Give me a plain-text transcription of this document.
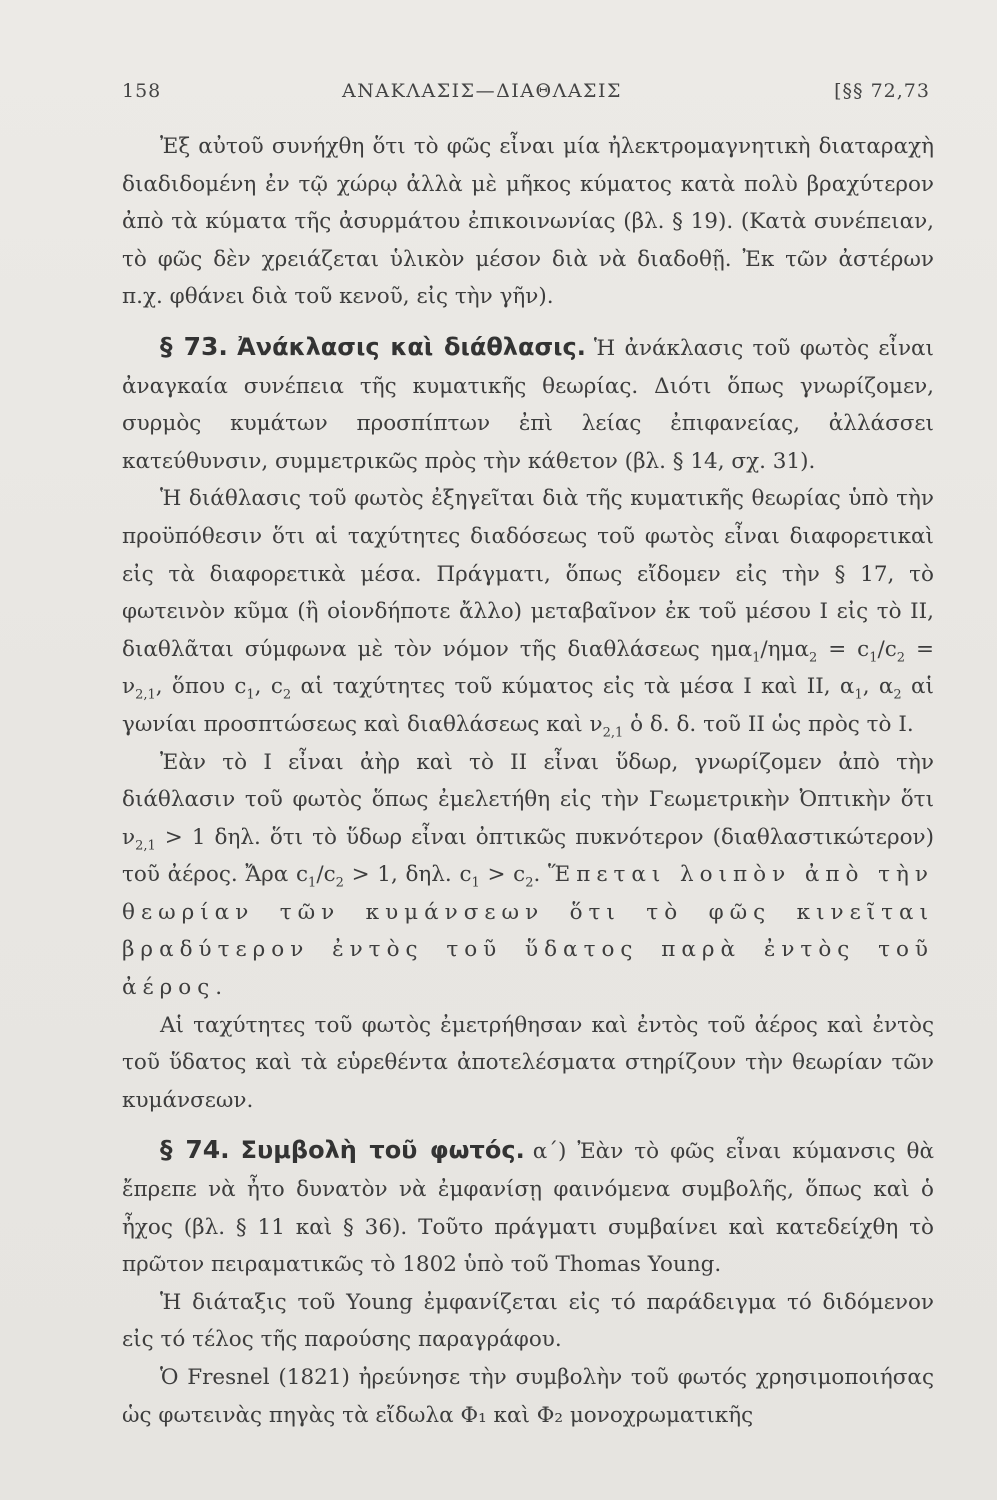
158	ΑΝΑΚΛΑΣΙΣ—ΔΙΑΘΛΑΣΙΣ	[§§ 72,73

Ἐξ αὐτοῦ συνήχθη ὅτι τὸ φῶς εἶναι μία ἠλεκτρομαγνητικὴ διαταραχὴ διαδιδομένη ἐν τῷ χώρῳ ἀλλὰ μὲ μῆκος κύματος κατὰ πολὺ βραχύτερον ἀπὸ τὰ κύματα τῆς ἀσυρμάτου ἐπικοινωνίας (βλ. § 19). (Κατὰ συνέπειαν, τὸ φῶς δὲν χρειάζεται ὑλικὸν μέσον διὰ νὰ διαδοθῇ. Ἐκ τῶν ἀστέρων π.χ. φθάνει διὰ τοῦ κενοῦ, εἰς τὴν γῆν).

§ 73. Ἀνάκλασις καὶ διάθλασις. Ἡ ἀνάκλασις τοῦ φωτὸς εἶναι ἀναγκαία συνέπεια τῆς κυματικῆς θεωρίας. Διότι ὅπως γνωρίζομεν, συρμὸς κυμάτων προσπίπτων ἐπὶ λείας ἐπιφανείας, ἀλλάσσει κατεύθυνσιν, συμμετρικῶς πρὸς τὴν κάθετον (βλ. § 14, σχ. 31).

Ἡ διάθλασις τοῦ φωτὸς ἐξηγεῖται διὰ τῆς κυματικῆς θεωρίας ὑπὸ τὴν προϋπόθεσιν ὅτι αἱ ταχύτητες διαδόσεως τοῦ φωτὸς εἶναι διαφορετικαὶ εἰς τὰ διαφορετικὰ μέσα. Πράγματι, ὅπως εἴδομεν εἰς τὴν § 17, τὸ φωτεινὸν κῦμα (ἢ οἱονδήποτε ἄλλο) μεταβαῖνον ἐκ τοῦ μέσου Ι εἰς τὸ ΙΙ, διαθλᾶται σύμφωνα μὲ τὸν νόμον τῆς διαθλάσεως $\eta\mu\alpha_1/\eta\mu\alpha_2 = c_1/c_2 = \nu_{2,1}$, ὅπου $c_1$, $c_2$ αἱ ταχύτητες τοῦ κύματος εἰς τὰ μέσα Ι καὶ ΙΙ, $\alpha_1$, $\alpha_2$ αἱ γωνίαι προσπτώσεως καὶ διαθλάσεως καὶ $\nu_{2,1}$ ὁ δ. δ. τοῦ ΙΙ ὡς πρὸς τὸ Ι.

Ἐὰν τὸ Ι εἶναι ἀὴρ καὶ τὸ ΙΙ εἶναι ὕδωρ, γνωρίζομεν ἀπὸ τὴν διάθλασιν τοῦ φωτὸς ὅπως ἐμελετήθη εἰς τὴν Γεωμετρικὴν Ὀπτικὴν ὅτι $\nu_{2,1} > 1$ δηλ. ὅτι τὸ ὕδωρ εἶναι ὀπτικῶς πυκνότερον (διαθλαστικώτερον) τοῦ ἀέρος. Ἄρα $c_1/c_2 > 1$, δηλ. $c_1 > c_2$. Ἕπεται λοιπὸν ἀπὸ τὴν θεωρίαν τῶν κυμάνσεων ὅτι τὸ φῶς κινεῖται βραδύτερον ἐντὸς τοῦ ὕδατος παρὰ ἐντὸς τοῦ ἀέρος.

Αἱ ταχύτητες τοῦ φωτὸς ἐμετρήθησαν καὶ ἐντὸς τοῦ ἀέρος καὶ ἐντὸς τοῦ ὕδατος καὶ τὰ εὑρεθέντα ἀποτελέσματα στηρίζουν τὴν θεωρίαν τῶν κυμάνσεων.

§ 74. Συμβολὴ τοῦ φωτός. α΄) Ἐὰν τὸ φῶς εἶναι κύμανσις θὰ ἔπρεπε νὰ ἦτο δυνατὸν νὰ ἐμφανίσῃ φαινόμενα συμβολῆς, ὅπως καὶ ὁ ἦχος (βλ. § 11 καὶ § 36). Τοῦτο πράγματι συμβαίνει καὶ κατεδείχθη τὸ πρῶτον πειραματικῶς τὸ 1802 ὑπὸ τοῦ Thomas Young.

Ἡ διάταξις τοῦ Young ἐμφανίζεται εἰς τό παράδειγμα τό διδόμενον εἰς τό τέλος τῆς παρούσης παραγράφου.

Ὁ Fresnel (1821) ἠρεύνησε τὴν συμβολὴν τοῦ φωτός χρησιμοποιήσας ὡς φωτεινὰς πηγὰς τὰ εἴδωλα Φ₁ καὶ Φ₂ μονοχρωματικῆς
